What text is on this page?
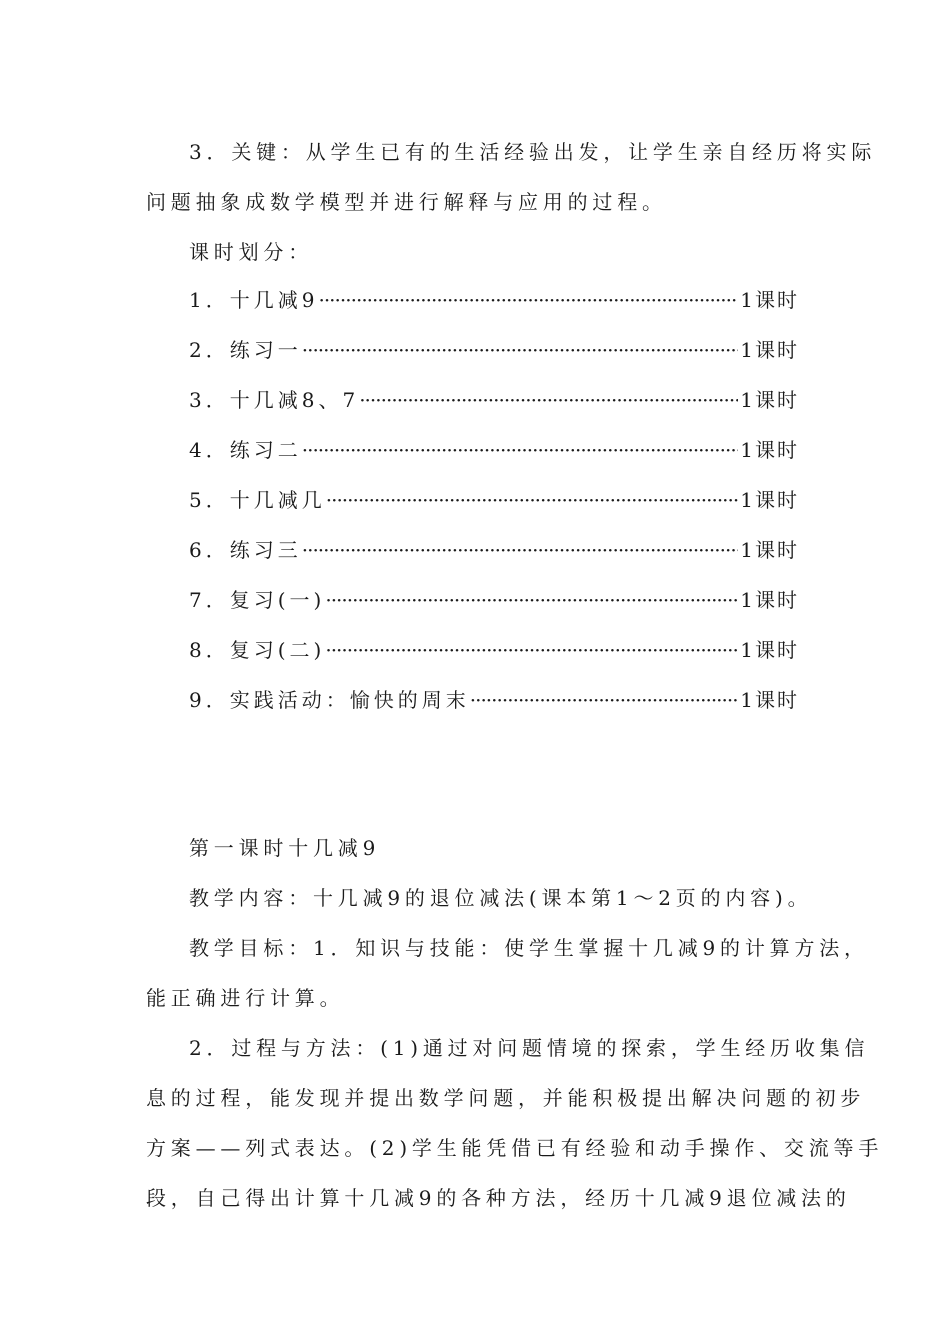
3．关键：从学生已有的生活经验出发，让学生亲自经历将实际
问题抽象成数学模型并进行解释与应用的过程。
课时划分：
1． 十几减9 ·····	1课时
2． 练习一 ·····	1课时
3． 十几减8、7 ·····	1课时
4． 练习二 ·····	1课时
5． 十几减几 ·····	1课时
6． 练习三 ·····	1课时
7． 复习(一) ·····	1课时
8． 复习(二) ·····	1课时
9． 实践活动：愉快的周末 ·····	1课时
第一课时十几减9
教学内容：十几减9的退位减法(课本第1～2页的内容)。
教学目标：1．知识与技能：使学生掌握十几减9的计算方法，
能正确进行计算。
2．过程与方法：(1)通过对问题情境的探索，学生经历收集信
息的过程，能发现并提出数学问题，并能积极提出解决问题的初步
方案——列式表达。(2)学生能凭借已有经验和动手操作、交流等手
段，自己得出计算十几减9的各种方法，经历十几减9退位减法的
